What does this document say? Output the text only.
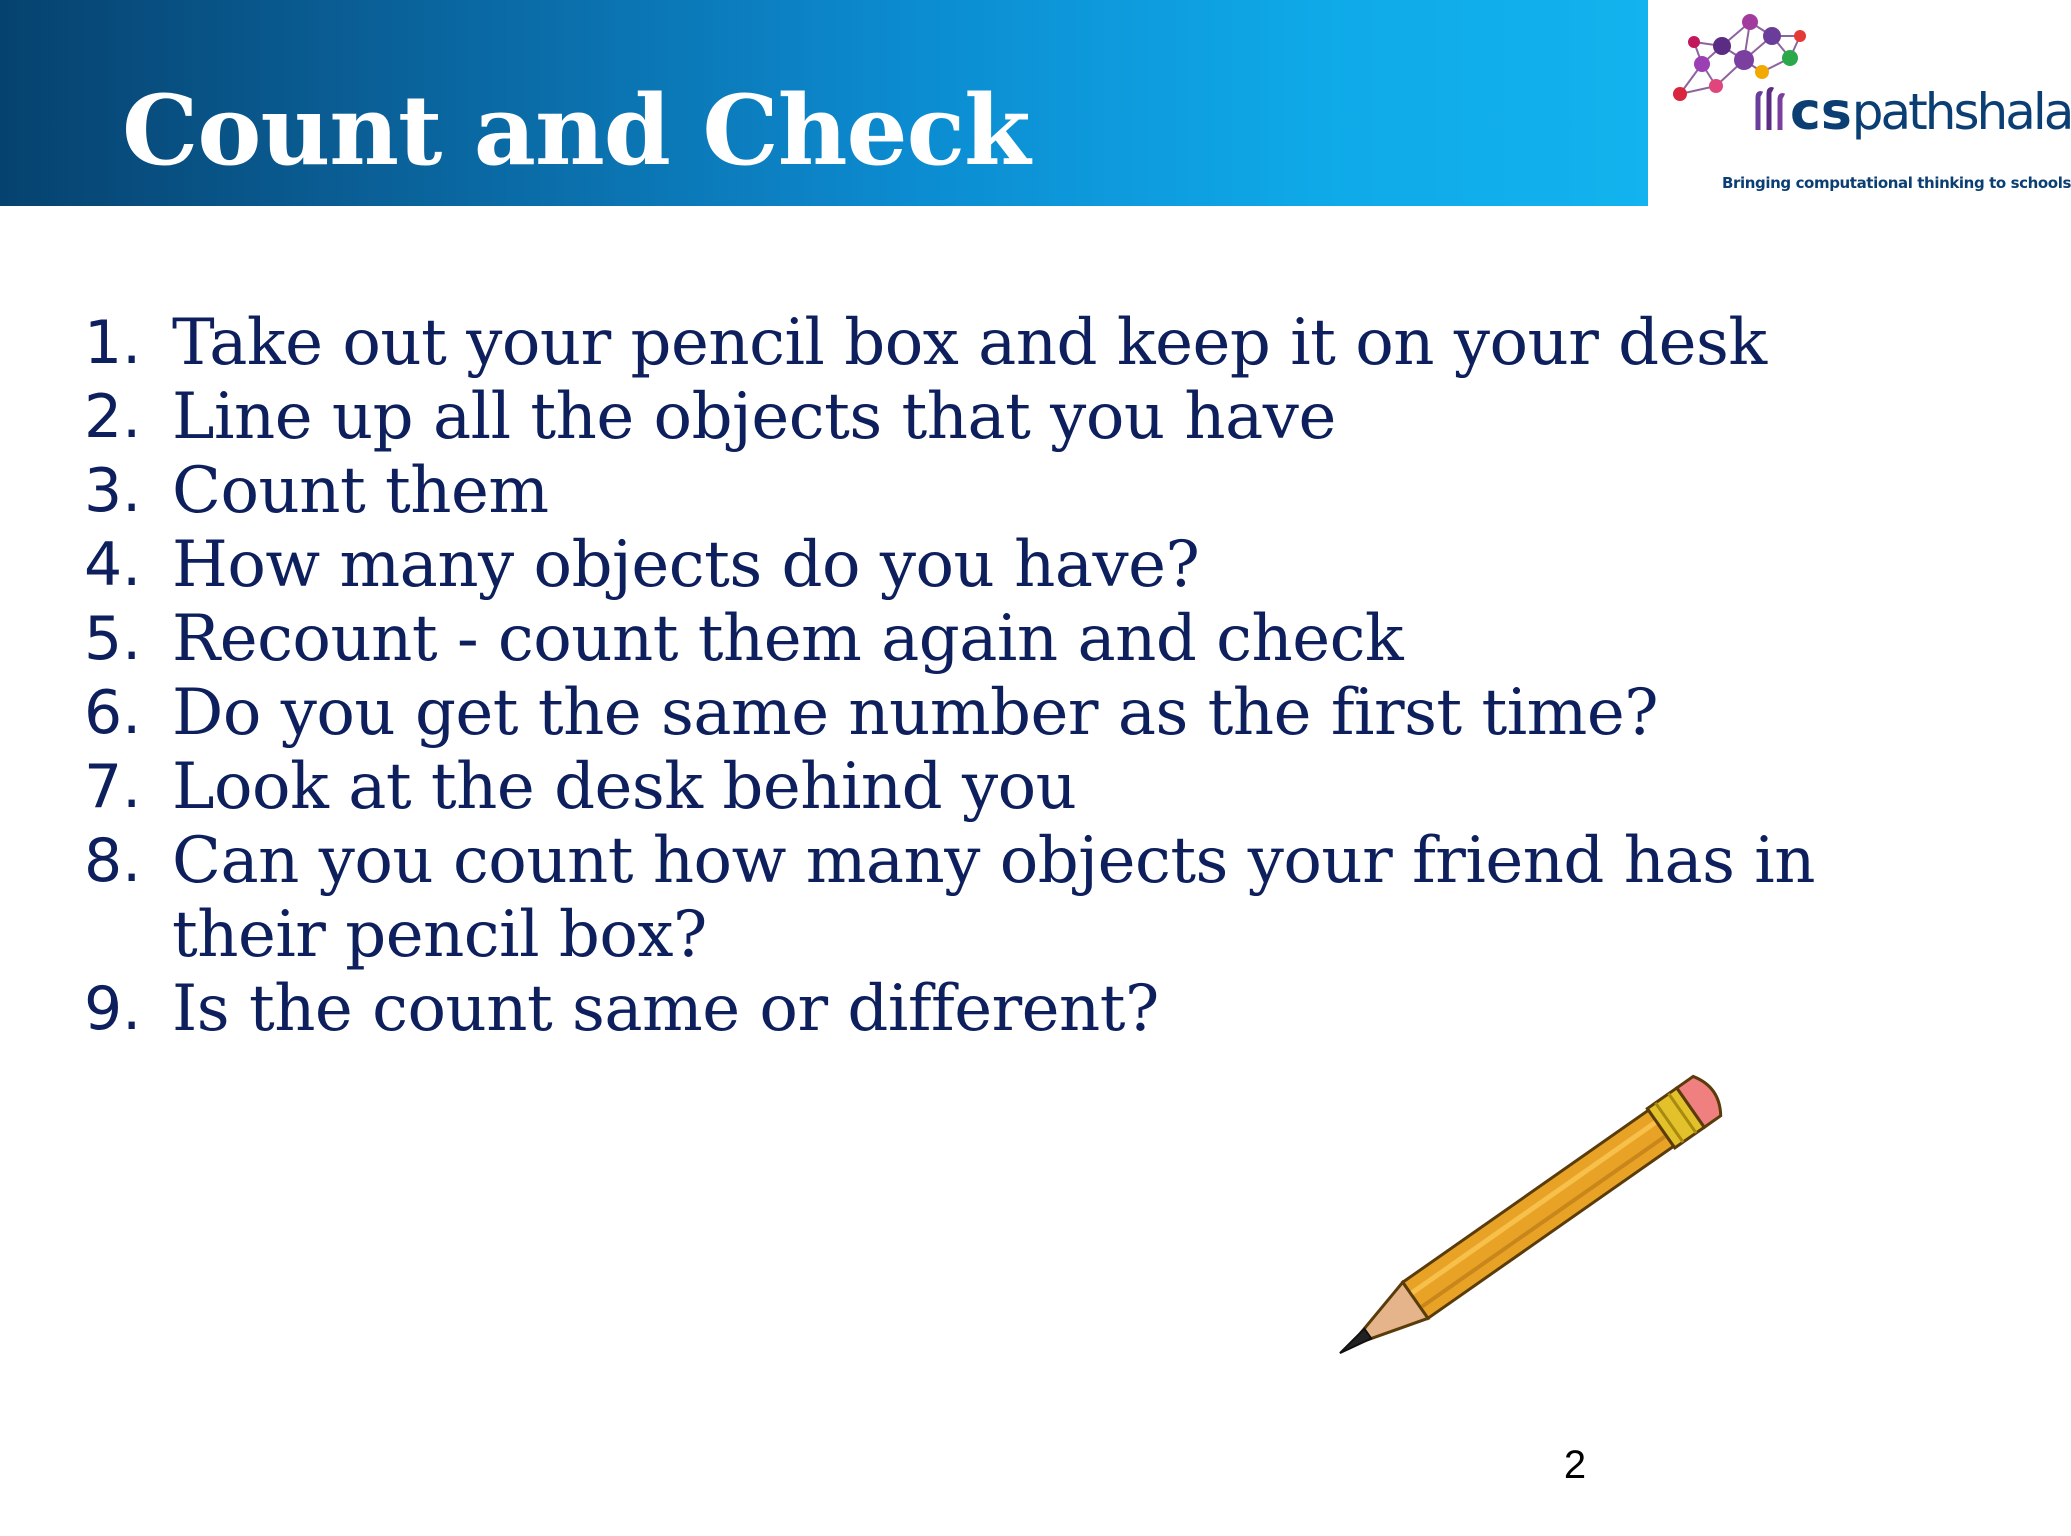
Count and Check	cspathshala
Bringing computational thinking to schools
1. Take out your pencil box and keep it on your desk
2. Line up all the objects that you have
3. Count them
4. How many objects do you have?
5. Recount - count them again and check
6. Do you get the same number as the first time?
7. Look at the desk behind you
8. Can you count how many objects your friend has in their pencil box?
9. Is the count same or different?
2
